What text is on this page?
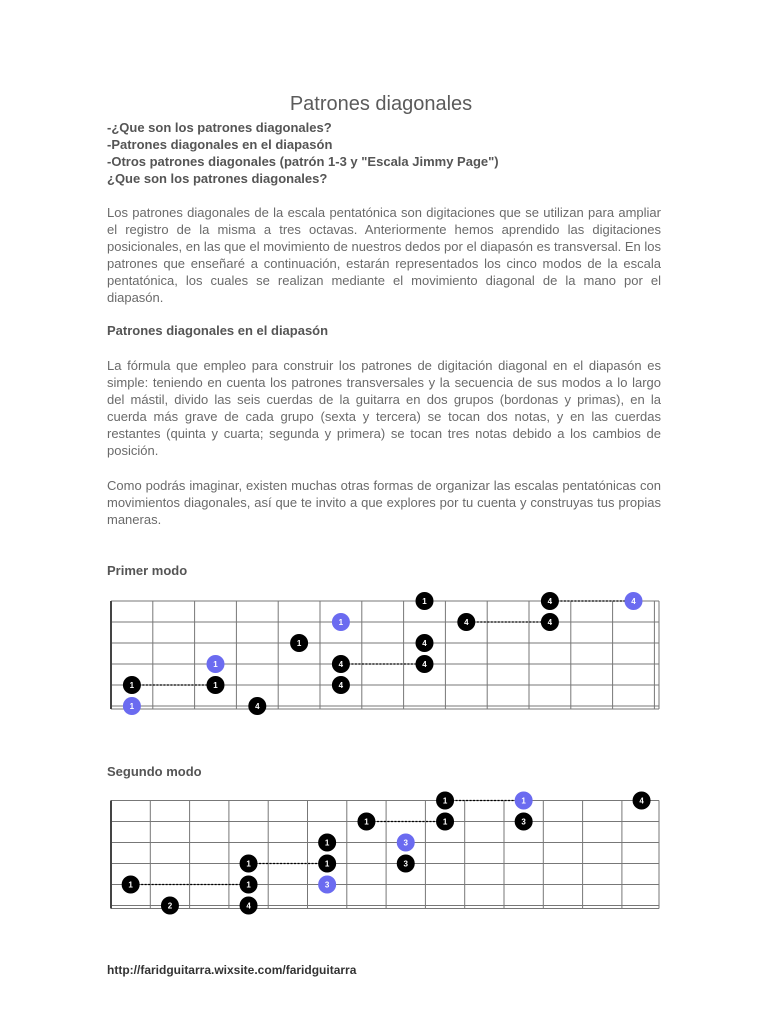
Patrones diagonales
-¿Que son los patrones diagonales?
-Patrones diagonales en el diapasón
-Otros patrones diagonales (patrón 1-3 y "Escala Jimmy Page")
¿Que son los patrones diagonales?
Los patrones diagonales de la escala pentatónica son digitaciones que se utilizan para ampliar el registro de la misma a tres octavas. Anteriormente hemos aprendido las digitaciones posicionales, en las que el movimiento de nuestros dedos por el diapasón es transversal. En los patrones que enseñaré a continuación, estarán representados los cinco modos de la escala pentatónica, los cuales se realizan mediante el movimiento diagonal de la mano por el diapasón.
Patrones diagonales en el diapasón
La fórmula que empleo para construir los patrones de digitación diagonal en el diapasón es simple: teniendo en cuenta los patrones transversales y la secuencia de sus modos a lo largo del mástil, divido las seis cuerdas de la guitarra en dos grupos (bordonas y primas), en la cuerda más grave de cada grupo (sexta y tercera) se tocan dos notas, y en las cuerdas restantes (quinta y cuarta; segunda y primera) se tocan tres notas debido a los cambios de posición.
Como podrás imaginar, existen muchas otras formas de organizar las escalas pentatónicas con movimientos diagonales, así que te invito a que explores por tu cuenta y construyas tus propias maneras.
Primer modo
1
1	1
1
4
1
1
4
4
1
4
4
4
4
4
4
Segundo modo
1
2
1
1
4
1
1
3
1
3
3
1
1
1
3
4
http://faridguitarra.wixsite.com/faridguitarra
